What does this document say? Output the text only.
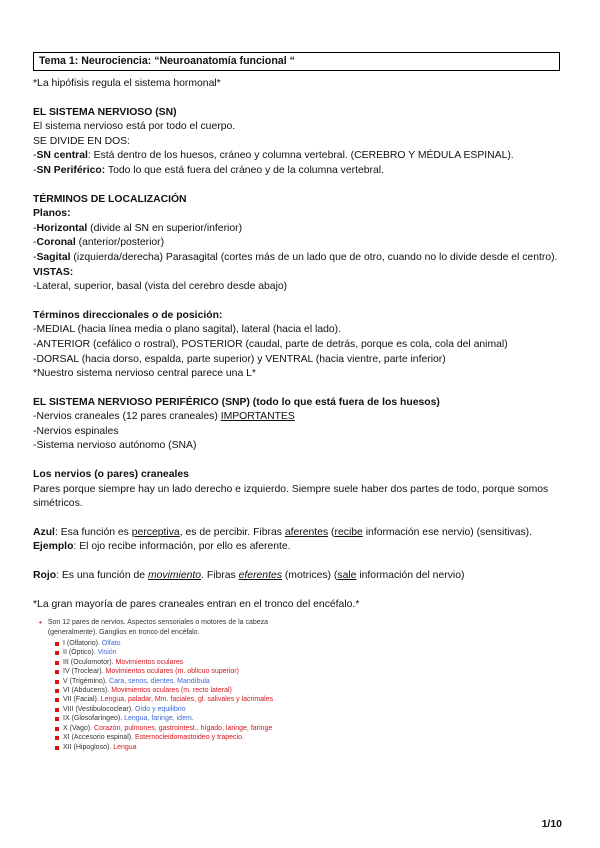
Tema 1: Neurociencia: “Neuroanatomía funcional “

*La hipófisis regula el sistema hormonal*

EL SISTEMA NERVIOSO (SN)

El sistema nervioso está por todo el cuerpo.

SE DIVIDE EN DOS:

-SN central: Está dentro de los huesos, cráneo y columna vertebral. (CEREBRO Y MÉDULA ESPINAL).

-SN Periférico: Todo lo que está fuera del cráneo y de la columna vertebral.

TÉRMINOS DE LOCALIZACIÓN

Planos:

-Horizontal (divide al SN en superior/inferior)

-Coronal (anterior/posterior)

-Sagital (izquierda/derecha) Parasagital (cortes más de un lado que de otro, cuando no lo divide desde el centro).

VISTAS:

-Lateral, superior, basal (vista del cerebro desde abajo)

Términos direccionales o de posición:

-MEDIAL (hacia línea media o plano sagital), lateral (hacia el lado).

-ANTERIOR (cefálico o rostral), POSTERIOR (caudal, parte de detrás, porque es cola, cola del animal)

-DORSAL (hacia dorso, espalda, parte superior) y VENTRAL (hacia vientre, parte inferior)

*Nuestro sistema nervioso central parece una L*

EL SISTEMA NERVIOSO PERIFÉRICO (SNP) (todo lo que está fuera de los huesos)

-Nervios craneales (12 pares craneales) IMPORTANTES

-Nervios espinales

-Sistema nervioso autónomo (SNA)

Los nervios (o pares) craneales

Pares porque siempre hay un lado derecho e izquierdo. Siempre suele haber dos partes de todo, porque somos simétricos.

Azul: Esa función es perceptiva, es de percibir. Fibras aferentes (recibe información ese nervio) (sensitivas).

Ejemplo: El ojo recibe información, por ello es aferente.

Rojo: Es una función de movimiento. Fibras eferentes (motrices) (sale información del nervio)

*La gran mayoría de pares craneales entran en el tronco del encéfalo.*

• Son 12 pares de nervios. Aspectos sensoriales o motores de la cabeza (generalmente). Ganglios en tronco del encéfalo.
I (Olfatorio). Olfato
II (Óptico). Visión
III (Oculomotor). Movimientos oculares
IV (Troclear). Movimientos oculares (m. oblicuo superior)
V (Trigémino). Cara, senos, dientes. Mandíbula
VI (Abducens). Movimientos oculares (m. recto lateral)
VII (Facial). Lengua, paladar, Mm. faciales, gl. salivales y lacrimales
VIII (Vestibulococlear). Oído y equilibrio
IX (Glosofaríngeo). Lengua, faringe, idem.
X (Vago). Corazón, pulmones, gastrointest., hígado, laringe, faringe
XI (Accesorio espinal). Esternocleidomastoideo y trapecio.
XII (Hipogloso). Lengua
1/10
